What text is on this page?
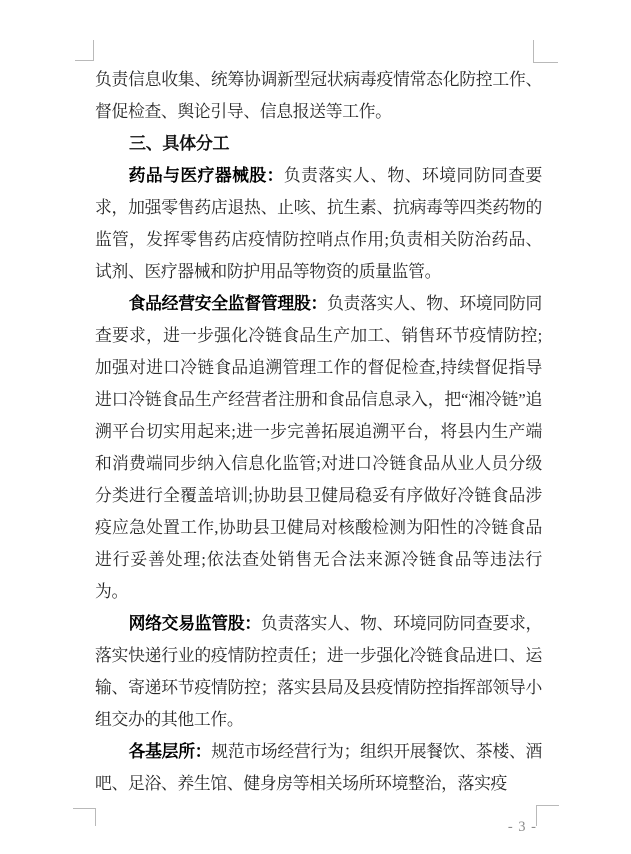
负责信息收集、统筹协调新型冠状病毒疫情常态化防控工作、督促检查、舆论引导、信息报送等工作。

三、具体分工

药品与医疗器械股：负责落实人、物、环境同防同查要求，加强零售药店退热、止咳、抗生素、抗病毒等四类药物的监管，发挥零售药店疫情防控哨点作用;负责相关防治药品、试剂、医疗器械和防护用品等物资的质量监管。

食品经营安全监督管理股：负责落实人、物、环境同防同查要求，进一步强化冷链食品生产加工、销售环节疫情防控;加强对进口冷链食品追溯管理工作的督促检查,持续督促指导进口冷链食品生产经营者注册和食品信息录入，把“湘冷链”追溯平台切实用起来;进一步完善拓展追溯平台，将县内生产端和消费端同步纳入信息化监管;对进口冷链食品从业人员分级分类进行全覆盖培训;协助县卫健局稳妥有序做好冷链食品涉疫应急处置工作,协助县卫健局对核酸检测为阳性的冷链食品进行妥善处理;依法查处销售无合法来源冷链食品等违法行为。

网络交易监管股：负责落实人、物、环境同防同查要求，落实快递行业的疫情防控责任；进一步强化冷链食品进口、运输、寄递环节疫情防控；落实县局及县疫情防控指挥部领导小组交办的其他工作。

各基层所：规范市场经营行为；组织开展餐饮、茶楼、酒吧、足浴、养生馆、健身房等相关场所环境整治，落实疫

- 3 -
